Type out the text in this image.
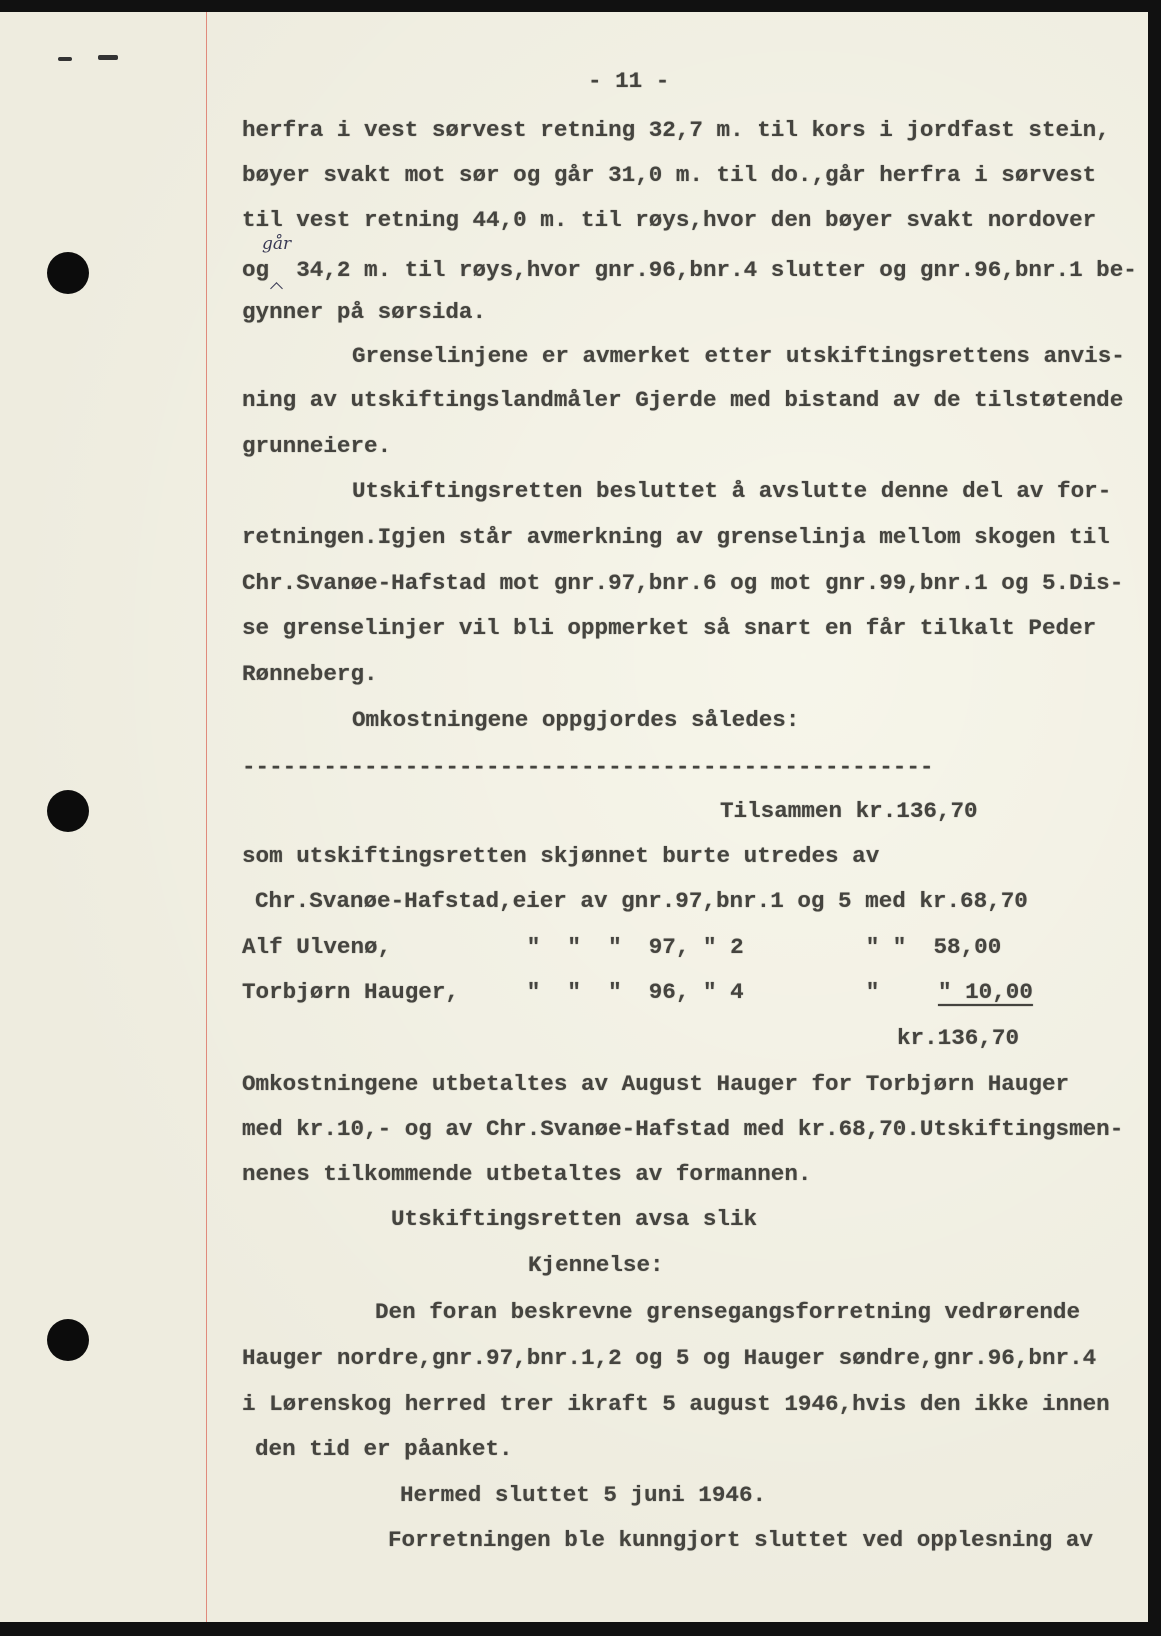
- 11 -
herfra i vest sørvest retning 32,7 m. til kors i jordfast stein,
bøyer svakt mot sør og går 31,0 m. til do.,går herfra i sørvest
til vest retning 44,0 m. til røys,hvor den bøyer svakt nordover
går
og  34,2 m. til røys,hvor gnr.96,bnr.4 slutter og gnr.96,bnr.1 be-
gynner på sørsida.
Grenselinjene er avmerket etter utskiftingsrettens anvis-
ning av utskiftingslandmåler Gjerde med bistand av de tilstøtende
grunneiere.
Utskiftingsretten besluttet å avslutte denne del av for-
retningen.Igjen står avmerkning av grenselinja mellom skogen til
Chr.Svanøe-Hafstad mot gnr.97,bnr.6 og mot gnr.99,bnr.1 og 5.Dis-
se grenselinjer vil bli oppmerket så snart en får tilkalt Peder
Rønneberg.
Omkostningene oppgjordes således:
---------------------------------------------------
Tilsammen kr.136,70
som utskiftingsretten skjønnet burte utredes av
Chr.Svanøe-Hafstad,eier av gnr.97,bnr.1 og 5 med kr.68,70
Alf Ulvenø,          "  "  "  97, " 2         " "  58,00
Torbjørn Hauger,     "  "  "  96, " 4         " " 10,00
kr.136,70
Omkostningene utbetaltes av August Hauger for Torbjørn Hauger
med kr.10,- og av Chr.Svanøe-Hafstad med kr.68,70.Utskiftingsmen-
nenes tilkommende utbetaltes av formannen.
Utskiftingsretten avsa slik
Kjennelse:
Den foran beskrevne grensegangsforretning vedrørende
Hauger nordre,gnr.97,bnr.1,2 og 5 og Hauger søndre,gnr.96,bnr.4
i Lørenskog herred trer ikraft 5 august 1946,hvis den ikke innen
den tid er påanket.
Hermed sluttet 5 juni 1946.
Forretningen ble kunngjort sluttet ved opplesning av
